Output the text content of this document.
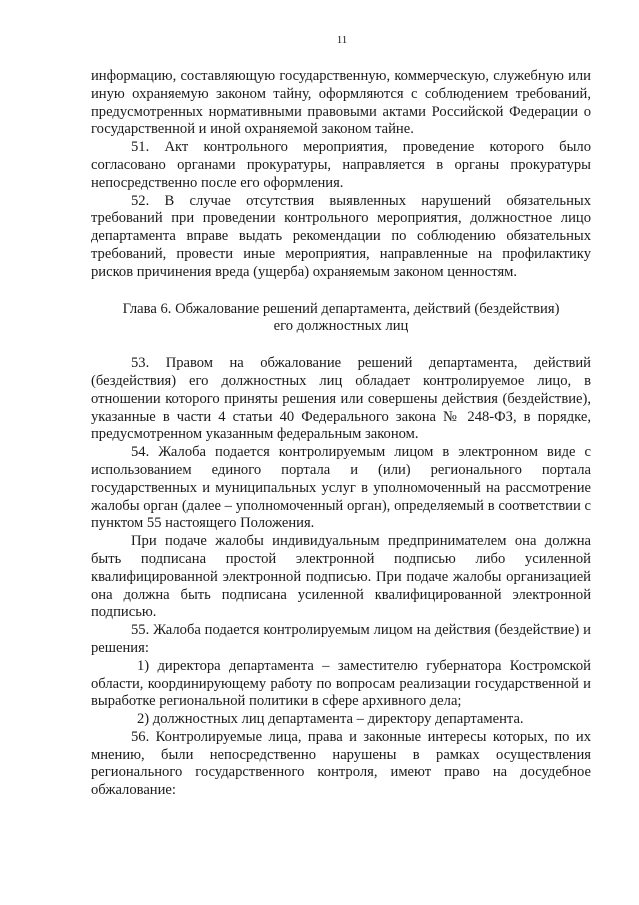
11

информацию, составляющую государственную, коммерческую, служебную или иную охраняемую законом тайну, оформляются с соблюдением требований, предусмотренных нормативными правовыми актами Российской Федерации о государственной и иной охраняемой законом тайне.

51. Акт контрольного мероприятия, проведение которого было согласовано органами прокуратуры, направляется в органы прокуратуры непосредственно после его оформления.

52. В случае отсутствия выявленных нарушений обязательных требований при проведении контрольного мероприятия, должностное лицо департамента вправе выдать рекомендации по соблюдению обязательных требований, провести иные мероприятия, направленные на профилактику рисков причинения вреда (ущерба) охраняемым законом ценностям.

Глава 6. Обжалование решений департамента, действий (бездействия)
его должностных лиц

53. Правом на обжалование решений департамента, действий (бездействия) его должностных лиц обладает контролируемое лицо, в отношении которого приняты решения или совершены действия (бездействие), указанные в части 4 статьи 40 Федерального закона № 248-ФЗ, в порядке, предусмотренном указанным федеральным законом.

54. Жалоба подается контролируемым лицом в электронном виде с использованием единого портала и (или) регионального портала государственных и муниципальных услуг в уполномоченный на рассмотрение жалобы орган (далее – уполномоченный орган), определяемый в соответствии с пунктом 55 настоящего Положения.

При подаче жалобы индивидуальным предпринимателем она должна быть подписана простой электронной подписью либо усиленной квалифицированной электронной подписью. При подаче жалобы организацией она должна быть подписана усиленной квалифицированной электронной подписью.

55. Жалоба подается контролируемым лицом на действия (бездействие) и решения:

1) директора департамента – заместителю губернатора Костромской области, координирующему работу по вопросам реализации государственной и выработке региональной политики в сфере архивного дела;

2) должностных лиц департамента – директору департамента.

56. Контролируемые лица, права и законные интересы которых, по их мнению, были непосредственно нарушены в рамках осуществления регионального государственного контроля, имеют право на досудебное обжалование:
